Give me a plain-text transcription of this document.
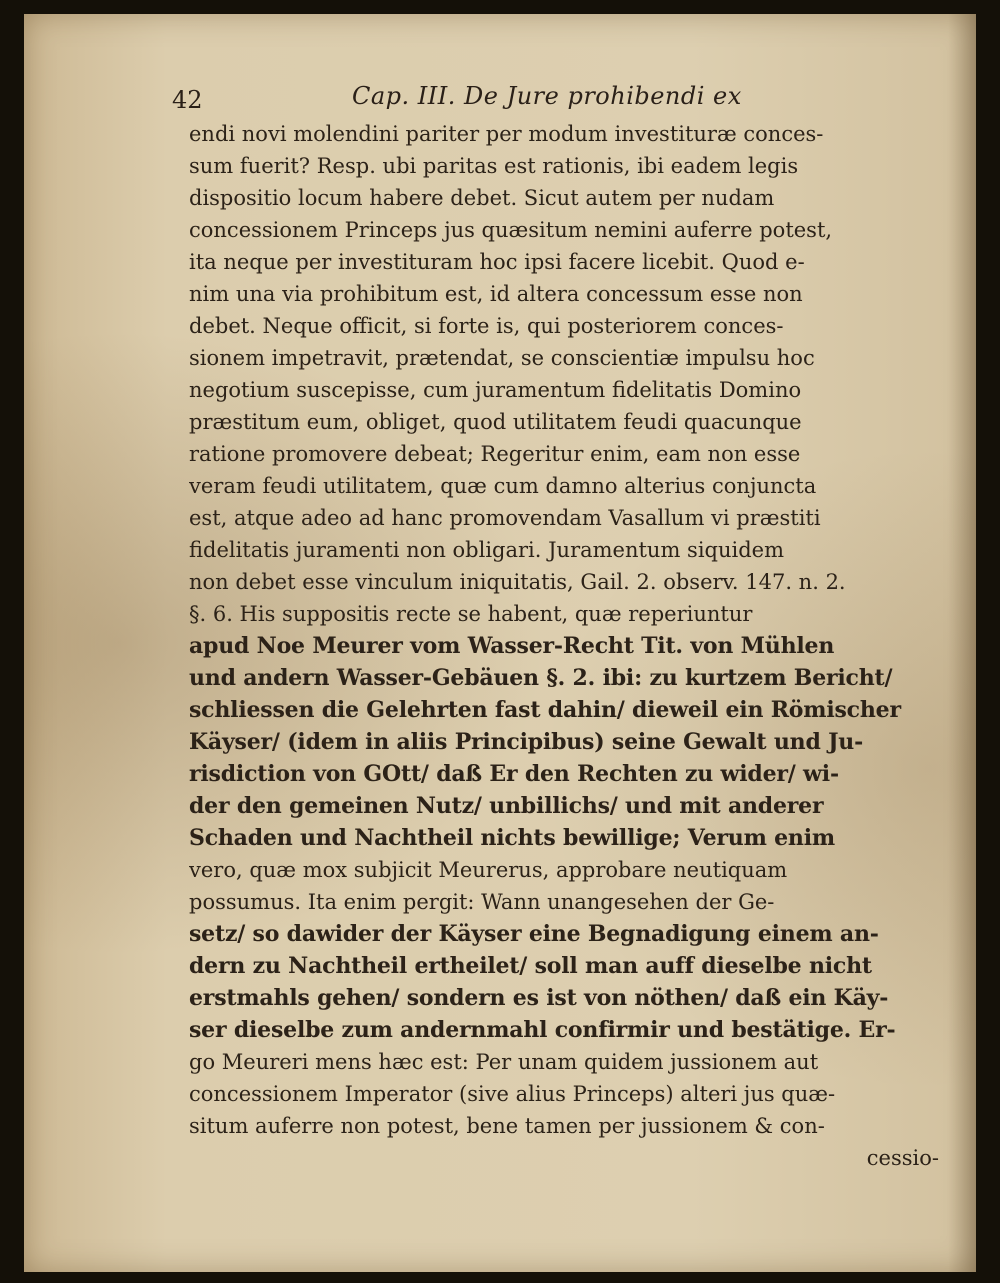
42	Cap. III. De Jure prohibendi ex
endi novi molendini pariter per modum investituræ conces-
sum fuerit? Resp. ubi paritas est rationis, ibi eadem legis
dispositio locum habere debet. Sicut autem per nudam
concessionem Princeps jus quæsitum nemini auferre potest,
ita neque per investituram hoc ipsi facere licebit. Quod e-
nim una via prohibitum est, id altera concessum esse non
debet. Neque officit, si forte is, qui posteriorem conces-
sionem impetravit, prætendat, se conscientiæ impulsu hoc
negotium suscepisse, cum juramentum fidelitatis Domino
præstitum eum, obliget, quod utilitatem feudi quacunque
ratione promovere debeat; Regeritur enim, eam non esse
veram feudi utilitatem, quæ cum damno alterius conjuncta
est, atque adeo ad hanc promovendam Vasallum vi præstiti
fidelitatis juramenti non obligari. Juramentum siquidem
non debet esse vinculum iniquitatis, Gail. 2. observ. 147. n. 2.
§. 6. His suppositis recte se habent, quæ reperiuntur
apud Noe Meurer vom Wasser-Recht Tit. von Mühlen
und andern Wasser-Gebäuen §. 2. ibi: zu kurtzem Bericht/
schliessen die Gelehrten fast dahin/ dieweil ein Römischer
Käyser/ (idem in aliis Principibus) seine Gewalt und Ju-
risdiction von GOtt/ daß Er den Rechten zu wider/ wi-
der den gemeinen Nutz/ unbillichs/ und mit anderer
Schaden und Nachtheil nichts bewillige; Verum enim
vero, quæ mox subjicit Meurerus, approbare neutiquam
possumus. Ita enim pergit: Wann unangesehen der Ge-
setz/ so dawider der Käyser eine Begnadigung einem an-
dern zu Nachtheil ertheilet/ soll man auff dieselbe nicht
erstmahls gehen/ sondern es ist von nöthen/ daß ein Käy-
ser dieselbe zum andernmahl confirmir und bestätige. Er-
go Meureri mens hæc est: Per unam quidem jussionem aut
concessionem Imperator (sive alius Princeps) alteri jus quæ-
situm auferre non potest, bene tamen per jussionem & con-
cessio-
